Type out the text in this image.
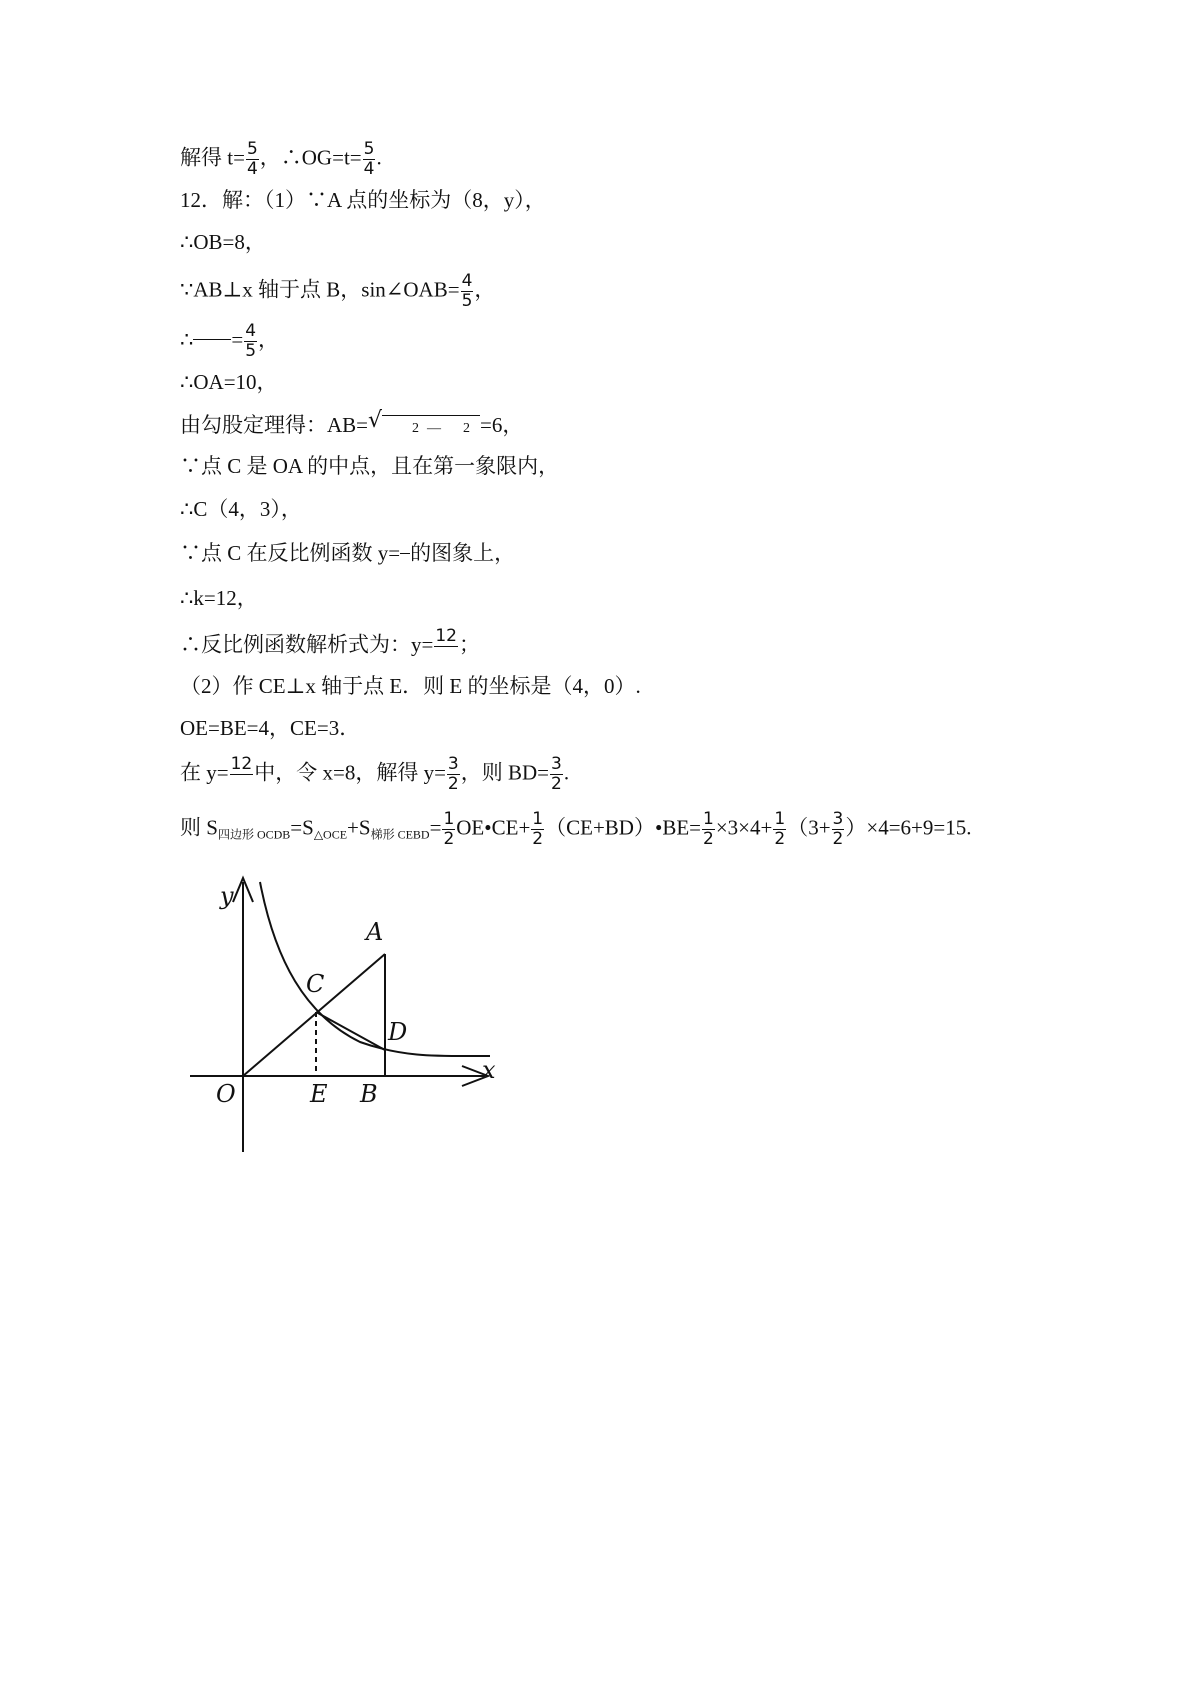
解得 $t= \frac{5}{4}$ ，∴OG=t= $\frac{5}{4}$ .
12．解：（1）∵A 点的坐标为（8，y），
∴OB=8，
∵AB⊥x 轴于点 B，sin∠OAB= $\frac{4}{5}$ ，
∴ = $\frac{4}{5}$ ，
∴OA=10，
由勾股定理得：AB= √ 2 — 2 =6，
∵点 C 是 OA 的中点，且在第一象限内，
∴C（4，3），
∵点 C 在反比例函数 y= 的图象上，
∴k=12，
∴反比例函数解析式为：y= 12
；
（2）作 CE⊥x 轴于点 E．则 E 的坐标是（4，0）.
OE=BE=4，CE=3．
在 y= 12
中，令 x=8，解得 $y= \frac{3}{2}$ ，则 $BD= \frac{3}{2}$ .
则 $S_{四边形 OCDB}=S_{\triangle OCE}+S_{梯形 CEBD}= \frac{1}{2}$ OE•CE+ $\frac{1}{2}$ （CE+BD）•BE= $\frac{1}{2} \times 3\times 4+ \frac{1}{2} (3+ \frac{3}{2} )\times 4=6+9=15$.
y
x
O
A
C
D
E B
